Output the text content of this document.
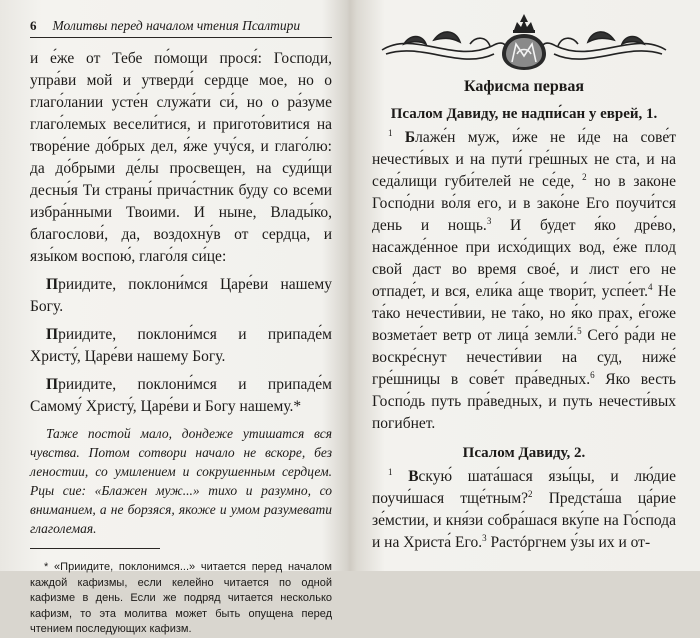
6 Молитвы перед началом чтения Псалтири

и е́же от Тебе по́мощи прося́: Господи, упра́ви мой и утверди́ сердце мое, но о глаго́лании усте́н служа́ти си́, но о ра́зуме глаго́лемых весели́тися, и пригото́витися на творе́ние до́брых дел, я́же учу́ся, и глаго́лю: да до́брыми де́лы просвещен, на суди́щи десны́я Ти страны́ прича́стник буду со всеми избра́нными Твоими. И ныне, Влады́ко, благослови́, да, воздохну́в от сердца, и язы́ком воспою́, глаго́ля си́це:

Приидите, поклони́мся Царе́ви нашему Богу.

Приидите, поклони́мся и припаде́м Христу́, Царе́ви нашему Богу.

Приидите, поклони́мся и припаде́м Самому́ Христу́, Царе́ви и Богу нашему.*

Таже постой мало, дондеже утишатся вся чувства. Потом сотвори начало не вскоре, без леностии, со умилением и сокрушенным сердцем. Рцы сие: «Блажен муж...» тихо и разумно, со вниманием, а не борзяся, якоже и умом разумевати глаголемая.

* «Приидите, поклонимся...» читается перед началом каждой кафизмы, если келейно читается по одной кафизме в день. Если же подряд читается несколько кафизм, то эта молитва может быть опущена перед чтением последующих кафизм.

Кафисма первая
Псалом Давиду, не надпи́сан у еврей, 1.

$^1$ Блаже́н муж, и́же не и́де на сове́т нечести́вых и на пути́ гре́шных не ста, и на седа́лищи губи́телей не се́де, $^2$ но в законе Госпо́дни во́ля его, и в зако́не Его поучи́тся день и нощь.$^3$ И будет я́ко дре́во, насажде́нное при исхо́дищих вод, е́же плод свой даст во время своé, и лист его не отпаде́т, и вся, ели́ка а́ще твори́т, успе́ет.$^4$ Не та́ко нечести́вии, не та́ко, но я́ко прах, е́гоже возмета́ет ветр от лица́ земли́.$^5$ Сего́ ра́ди не воскре́снут нечести́вии на суд, ниже́ гре́шницы в сове́т пра́ведных.$^6$ Яко весть Госпо́дь путь пра́ведных, и путь нечести́вых погибнет.

Псалом Давиду, 2.

$^1$ Вскую́ шата́шася язы́цы, и лю́дие поучи́шася тще́тным?$^2$ Предста́ша ца́рие зе́мстии, и кня́зи собра́шася вку́пе на Го́спода и на Христа́ Его.$^3$ Растóргнем у́зы их и от-
